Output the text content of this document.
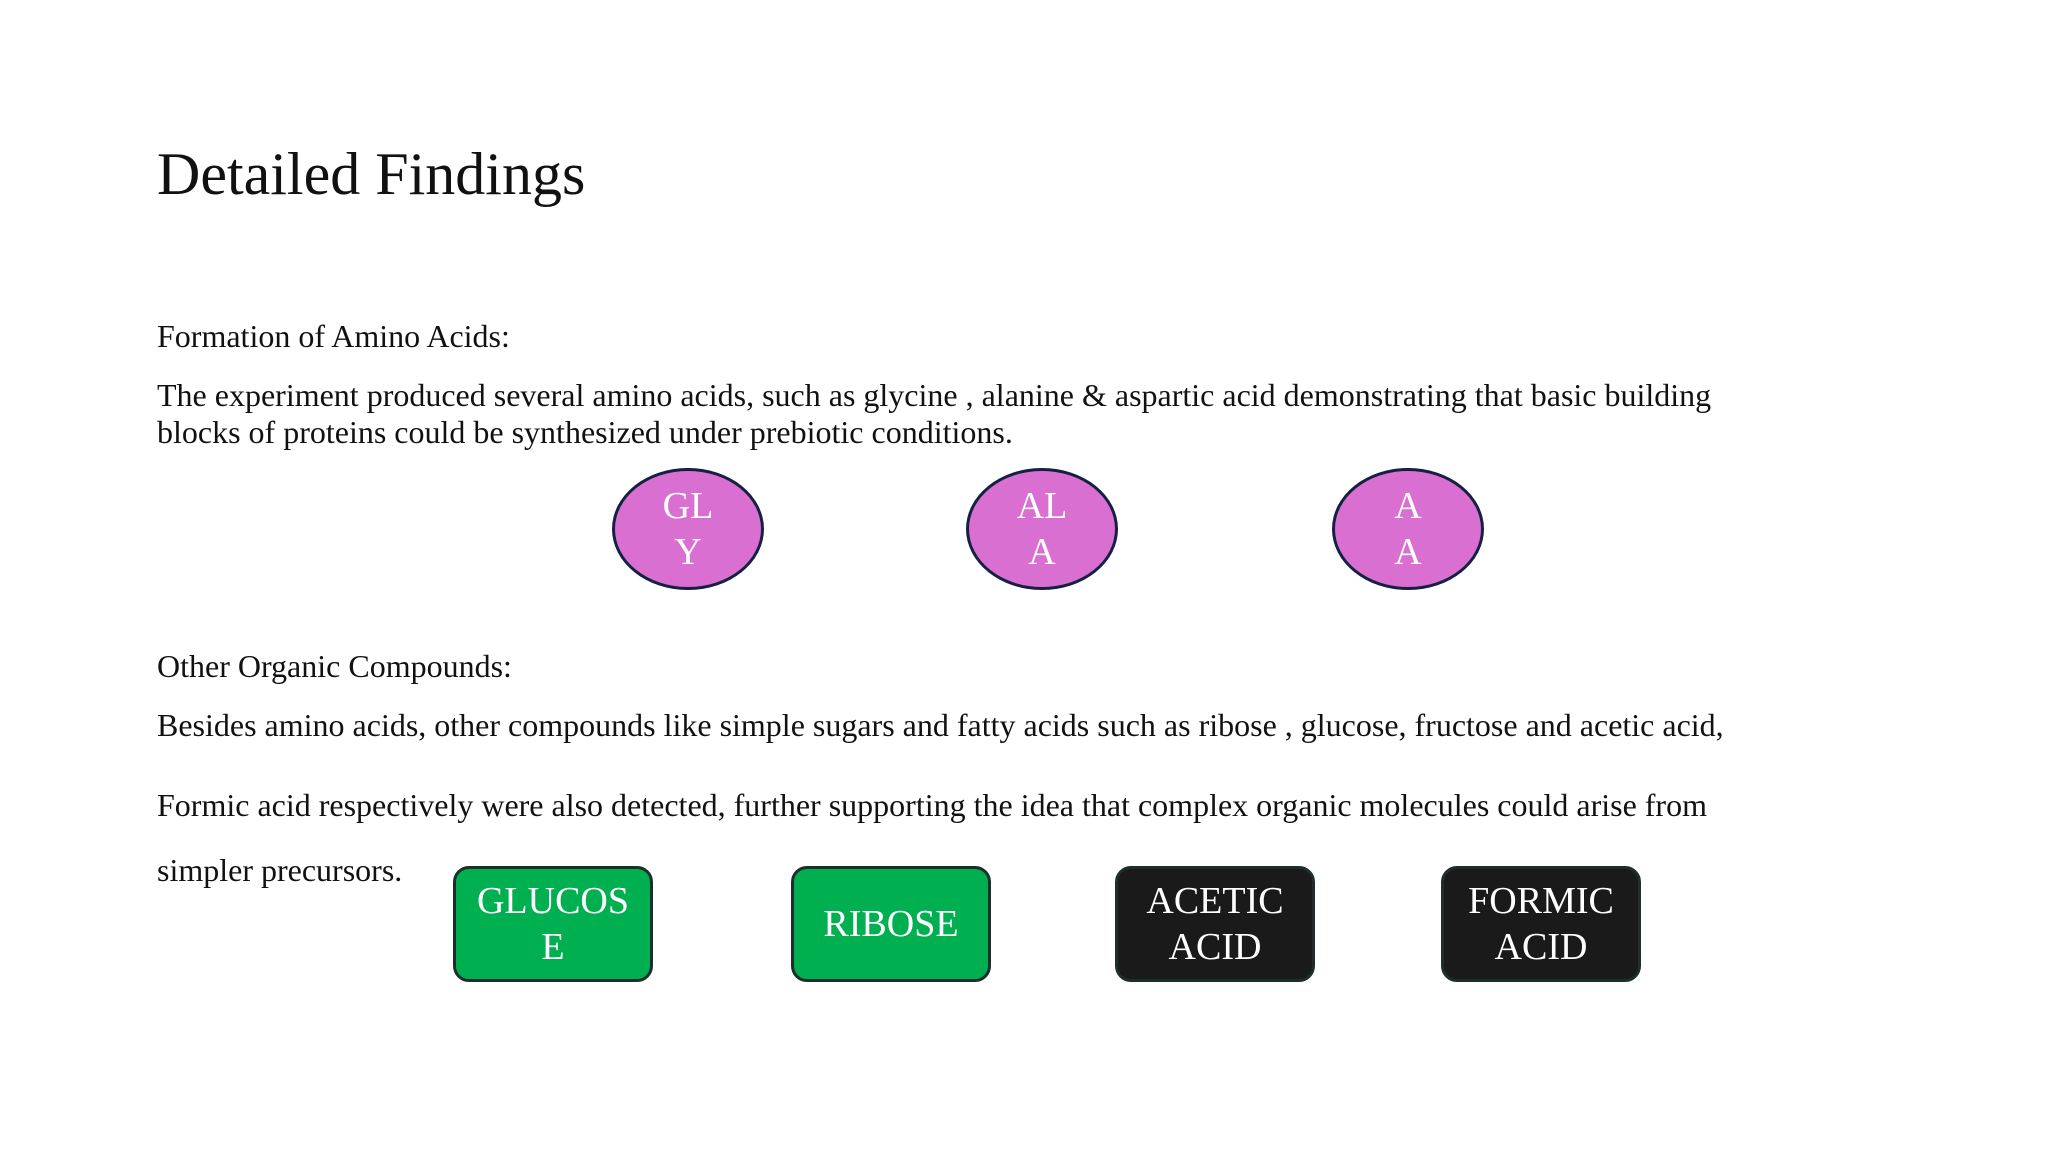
Detailed Findings
Formation of Amino Acids:
The experiment produced several amino acids, such as glycine , alanine & aspartic acid demonstrating that basic building
blocks of proteins could be synthesized under prebiotic conditions.
GL
Y
AL
A
A
A
Other Organic Compounds:
Besides amino acids, other compounds like simple sugars and fatty acids such as ribose , glucose, fructose and acetic acid,
Formic acid respectively were also detected, further supporting the idea that complex organic molecules could arise from
simpler precursors.
GLUCOS
E
RIBOSE
ACETIC
ACID
FORMIC
ACID
